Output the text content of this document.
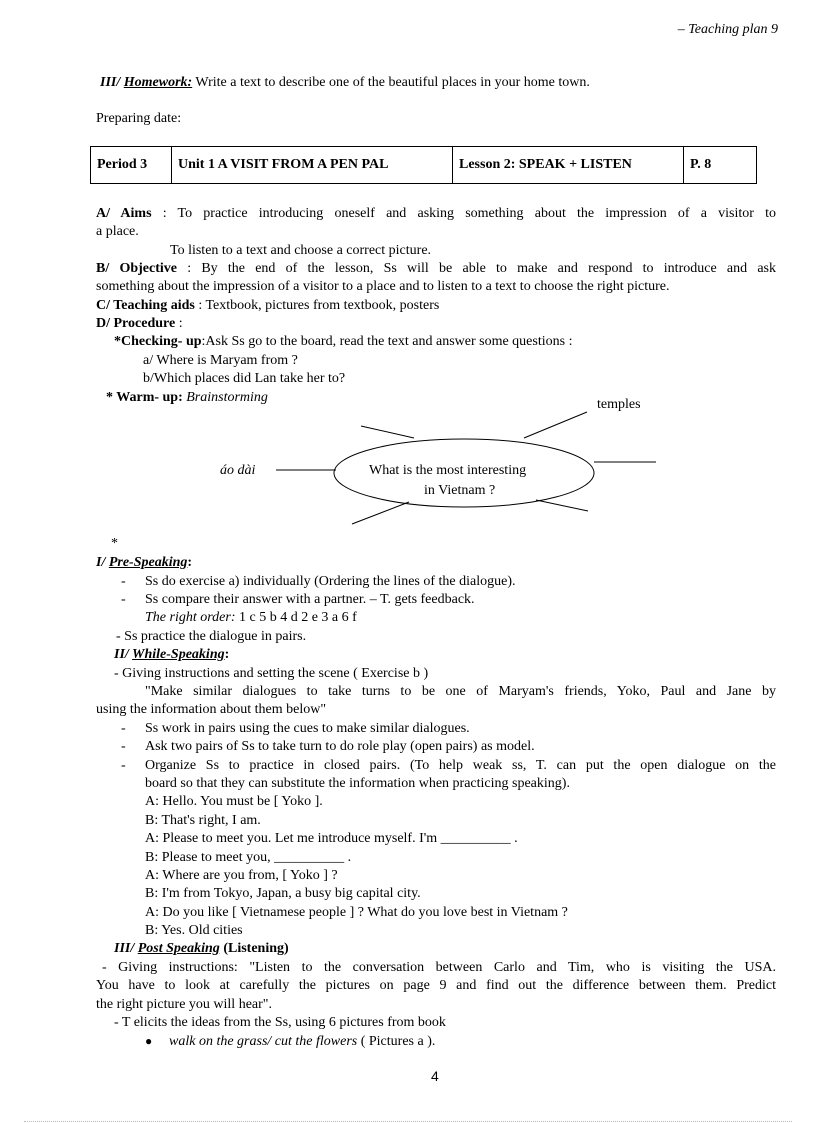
– Teaching plan 9
III/ Homework: Write a text to describe one of the beautiful places in your home town.
Preparing date:
Period 3	Unit 1 A VISIT FROM A PEN PAL	Lesson 2: SPEAK + LISTEN	P. 8
A/ Aims : To practice introducing oneself and asking something about the impression of a visitor to
a place.
To listen to a text and choose a correct picture.
B/ Objective : By the end of the lesson, Ss will be able to make and respond to introduce and ask
something about the impression of a visitor to a place and to listen to a text to choose the right picture.
C/ Teaching aids : Textbook, pictures from textbook, posters
D/ Procedure :
*Checking- up:Ask Ss go to the board, read the text and answer some questions :
a/ Where is Maryam from ?
b/Which places did Lan take her to?
* Warm- up: Brainstorming
What is the most interesting
in Vietnam ?
áo dài
temples
*
I/ Pre-Speaking:
- Ss do exercise a) individually (Ordering the lines of the dialogue).
- Ss compare their answer with a partner. – T. gets feedback.
The right order: 1 c 5 b 4 d 2 e 3 a 6 f
- Ss practice the dialogue in pairs.
II/ While-Speaking:
- Giving instructions and setting the scene ( Exercise b )
"Make similar dialogues to take turns to be one of Maryam's friends, Yoko, Paul and Jane by
using the information about them below"
- Ss work in pairs using the cues to make similar dialogues.
- Ask two pairs of Ss to take turn to do role play (open pairs) as model.
-	Organize Ss to practice in closed pairs. (To help weak ss, T. can put the open dialogue on the
board so that they can substitute the information when practicing speaking).
A: Hello. You must be [ Yoko ].
B: That's right, I am.
A: Please to meet you. Let me introduce myself. I'm __________ .
B: Please to meet you, __________ .
A: Where are you from, [ Yoko ] ?
B: I'm from Tokyo, Japan, a busy big capital city.
A: Do you like [ Vietnamese people ] ? What do you love best in Vietnam ?
B: Yes. Old cities
III/ Post Speaking (Listening)
- Giving instructions: "Listen to the conversation between Carlo and Tim, who is visiting the USA.
You have to look at carefully the pictures on page 9 and find out the difference between them. Predict
the right picture you will hear".
- T elicits the ideas from the Ss, using 6 pictures from book
● walk on the grass/ cut the flowers ( Pictures a ).
4
